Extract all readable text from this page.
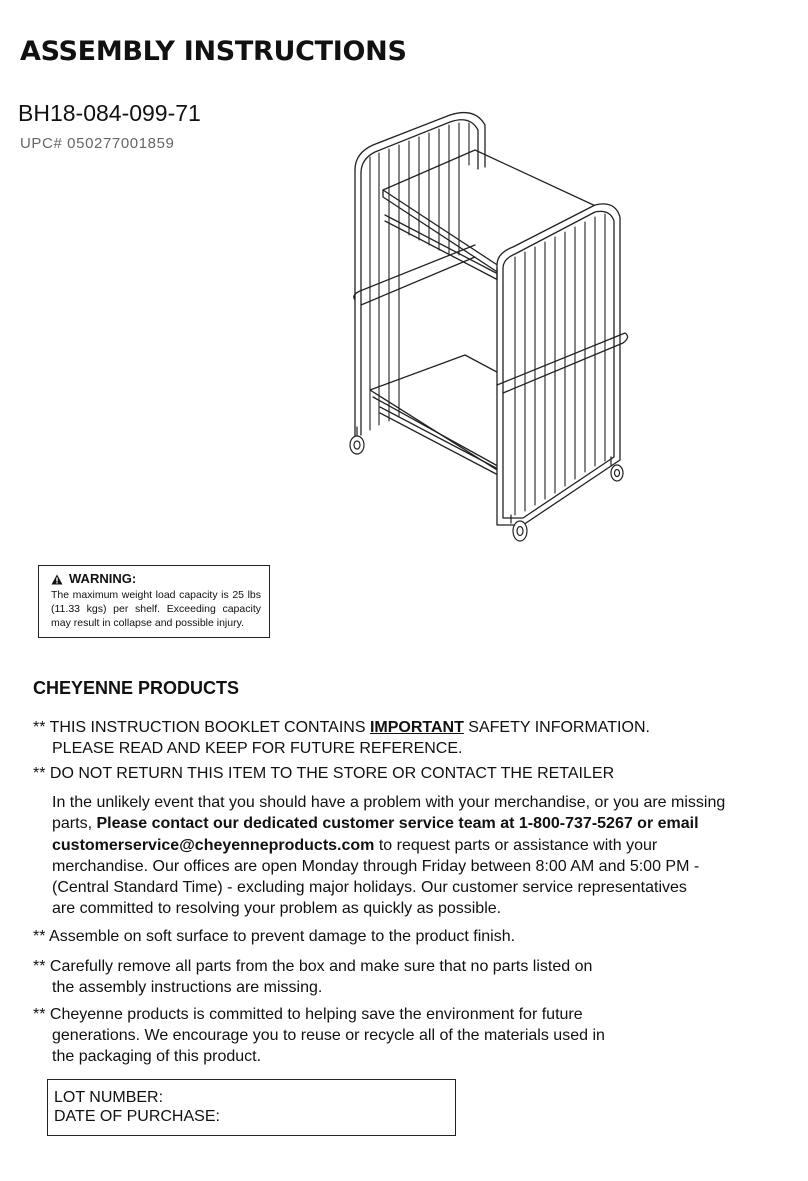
ASSEMBLY INSTRUCTIONS
BH18-084-099-71
UPC# 050277001859
WARNING:
The maximum weight load capacity is 25 lbs (11.33 kgs) per shelf. Exceeding capacity may result in collapse and possible injury.
CHEYENNE PRODUCTS
** THIS INSTRUCTION BOOKLET CONTAINS IMPORTANT SAFETY INFORMATION.
PLEASE READ AND KEEP FOR FUTURE REFERENCE.
** DO NOT RETURN THIS ITEM TO THE STORE OR CONTACT THE RETAILER
In the unlikely event that you should have a problem with your merchandise, or you are missing
parts, Please contact our dedicated customer service team at 1-800-737-5267 or email
customerservice@cheyenneproducts.com to request parts or assistance with your
merchandise. Our offices are open Monday through Friday between 8:00 AM and 5:00 PM -
(Central Standard Time) - excluding major holidays. Our customer service representatives
are committed to resolving your problem as quickly as possible.
** Assemble on soft surface to prevent damage to the product finish.
** Carefully remove all parts from the box and make sure that no parts listed on
the assembly instructions are missing.
** Cheyenne products is committed to helping save the environment for future
generations. We encourage you to reuse or recycle all of the materials used in
the packaging of this product.
LOT NUMBER:
DATE OF PURCHASE:
